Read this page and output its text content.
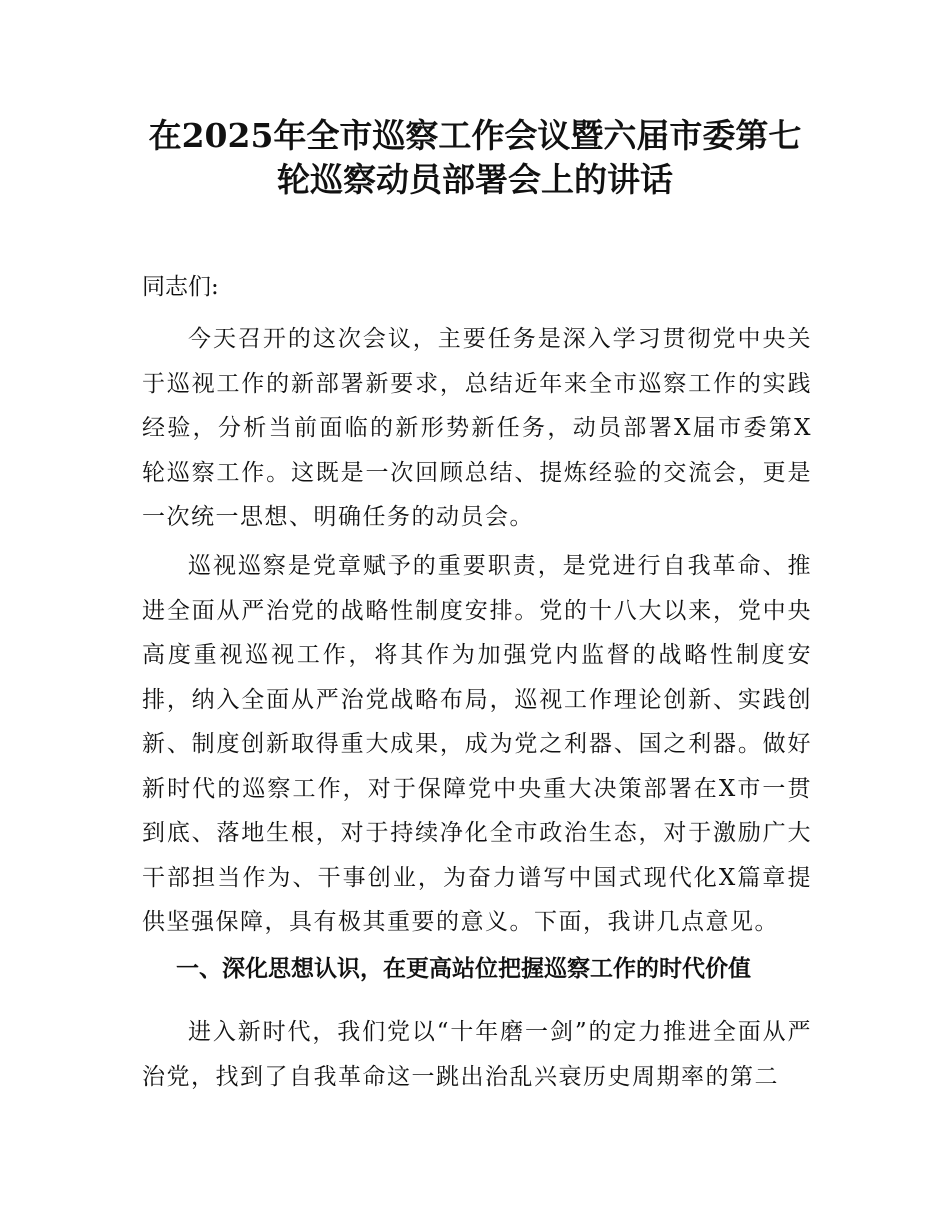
在2025年全市巡察工作会议暨六届市委第七
轮巡察动员部署会上的讲话

同志们:

今天召开的这次会议，主要任务是深入学习贯彻党中央关于巡视工作的新部署新要求，总结近年来全市巡察工作的实践经验，分析当前面临的新形势新任务，动员部署X届市委第X轮巡察工作。这既是一次回顾总结、提炼经验的交流会，更是一次统一思想、明确任务的动员会。

巡视巡察是党章赋予的重要职责，是党进行自我革命、推进全面从严治党的战略性制度安排。党的十八大以来，党中央高度重视巡视工作，将其作为加强党内监督的战略性制度安排，纳入全面从严治党战略布局，巡视工作理论创新、实践创新、制度创新取得重大成果，成为党之利器、国之利器。做好新时代的巡察工作，对于保障党中央重大决策部署在X市一贯到底、落地生根，对于持续净化全市政治生态，对于激励广大干部担当作为、干事创业，为奋力谱写中国式现代化X篇章提供坚强保障，具有极其重要的意义。下面，我讲几点意见。

一、深化思想认识，在更高站位把握巡察工作的时代价值

进入新时代，我们党以“十年磨一剑”的定力推进全面从严治党，找到了自我革命这一跳出治乱兴衰历史周期率的第二
